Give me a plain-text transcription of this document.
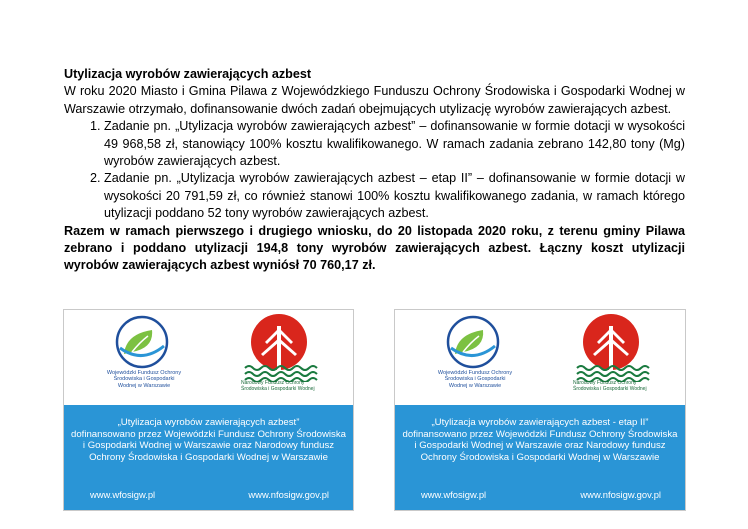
Utylizacja wyrobów zawierających azbest
W roku 2020 Miasto i Gmina Pilawa z Wojewódzkiego Funduszu Ochrony Środowiska i Gospodarki Wodnej w Warszawie otrzymało, dofinansowanie dwóch zadań obejmujących utylizację wyrobów zawierających azbest.
1. Zadanie pn. „Utylizacja wyrobów zawierających azbest” – dofinansowanie w formie dotacji w wysokości 49 968,58 zł, stanowiący 100% kosztu kwalifikowanego. W ramach zadania zebrano 142,80 tony (Mg) wyrobów zawierających azbest.
2. Zadanie pn. „Utylizacja wyrobów zawierających azbest – etap II” – dofinansowanie w formie dotacji w wysokości 20 791,59 zł, co również stanowi 100% kosztu kwalifikowanego zadania, w ramach którego utylizacji poddano 52 tony wyrobów zawierających azbest.
Razem w ramach pierwszego i drugiego wniosku, do 20 listopada 2020 roku, z terenu gminy Pilawa zebrano i poddano utylizacji 194,8 tony wyrobów zawierających azbest. Łączny koszt utylizacji wyrobów zawierających azbest wyniósł 70 760,17 zł.
Wojewódzki Fundusz Ochrony Środowiska i Gospodarki Wodnej w Warszawie	Narodowy Fundusz Ochrony Środowiska i Gospodarki Wodnej
„Utylizacja wyrobów zawierających azbest”
dofinansowano przez Wojewódzki Fundusz Ochrony Środowiska i Gospodarki Wodnej w Warszawie oraz Narodowy fundusz Ochrony Środowiska i Gospodarki Wodnej w Warszawie
www.wfosigw.pl	www.nfosigw.gov.pl
Wojewódzki Fundusz Ochrony Środowiska i Gospodarki Wodnej w Warszawie	Narodowy Fundusz Ochrony Środowiska i Gospodarki Wodnej
„Utylizacja wyrobów zawierających azbest - etap II”
dofinansowano przez Wojewódzki Fundusz Ochrony Środowiska i Gospodarki Wodnej w Warszawie oraz Narodowy fundusz Ochrony Środowiska i Gospodarki Wodnej w Warszawie
www.wfosigw.pl	www.nfosigw.gov.pl
